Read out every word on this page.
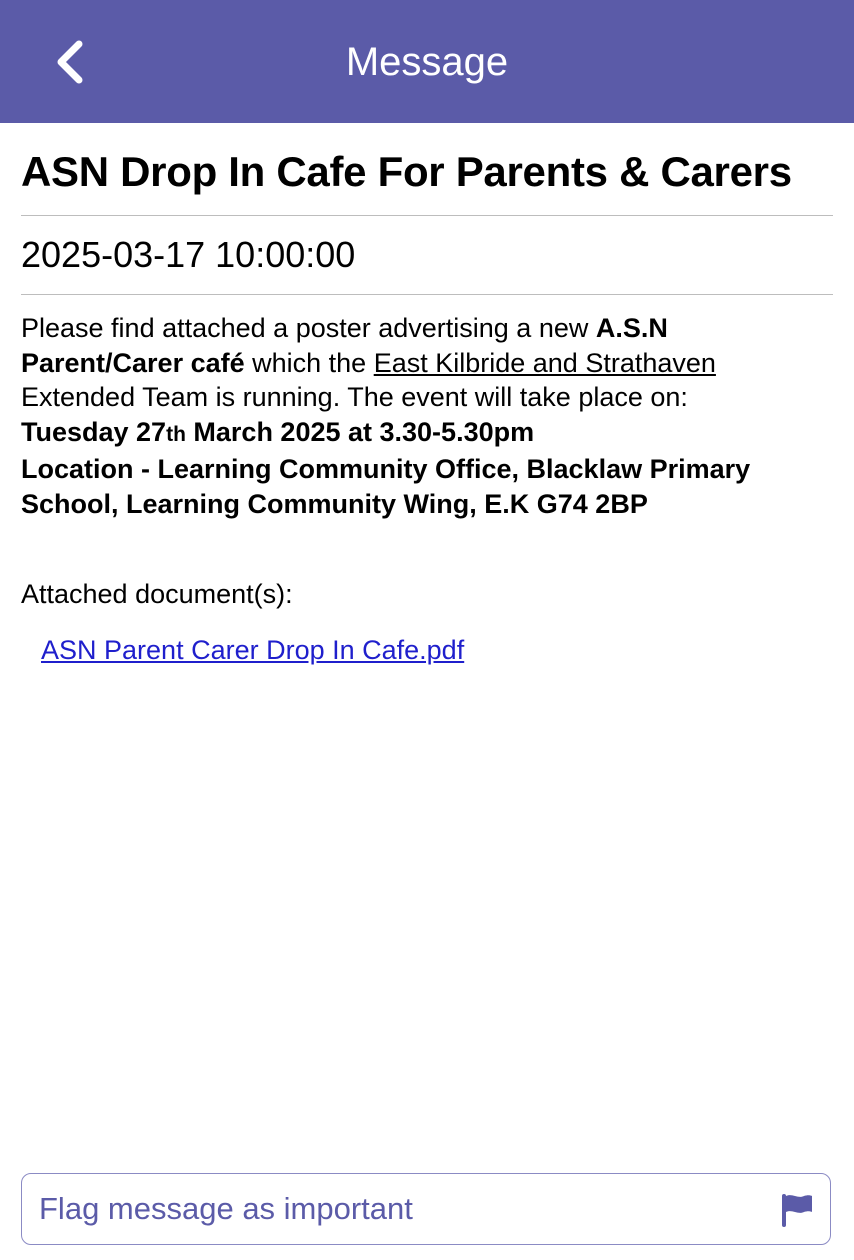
Message
ASN Drop In Cafe For Parents & Carers
2025-03-17 10:00:00

Please find attached a poster advertising a new A.S.N Parent/Carer café which the East Kilbride and Strathaven Extended Team is running. The event will take place on:

Tuesday 27th March 2025 at 3.30-5.30pm

Location - Learning Community Office, Blacklaw Primary School, Learning Community Wing, E.K G74 2BP

Attached document(s):
ASN Parent Carer Drop In Cafe.pdf
Flag message as important
